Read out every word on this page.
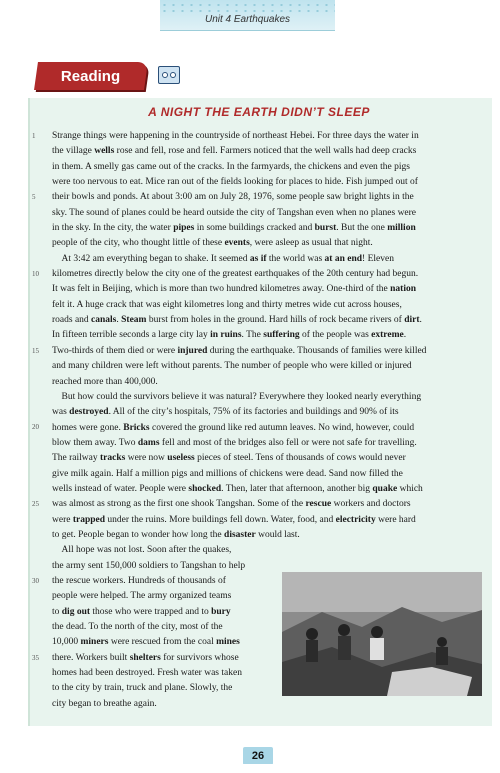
Unit 4 Earthquakes
Reading
A NIGHT THE EARTH DIDN’T SLEEP
1
5
10
15
20
25
30
35
Strange things were happening in the countryside of northeast Hebei. For three days the water in
the village wells rose and fell, rose and fell. Farmers noticed that the well walls had deep cracks
in them. A smelly gas came out of the cracks. In the farmyards, the chickens and even the pigs
were too nervous to eat. Mice ran out of the fields looking for places to hide. Fish jumped out of
their bowls and ponds. At about 3:00 am on July 28, 1976, some people saw bright lights in the
sky. The sound of planes could be heard outside the city of Tangshan even when no planes were
in the sky. In the city, the water pipes in some buildings cracked and burst. But the one million
people of the city, who thought little of these events, were asleep as usual that night.
At 3:42 am everything began to shake. It seemed as if the world was at an end! Eleven
kilometres directly below the city one of the greatest earthquakes of the 20th century had begun.
It was felt in Beijing, which is more than two hundred kilometres away. One-third of the nation
felt it. A huge crack that was eight kilometres long and thirty metres wide cut across houses,
roads and canals. Steam burst from holes in the ground. Hard hills of rock became rivers of dirt.
In fifteen terrible seconds a large city lay in ruins. The suffering of the people was extreme.
Two-thirds of them died or were injured during the earthquake. Thousands of families were killed
and many children were left without parents. The number of people who were killed or injured
reached more than 400,000.
But how could the survivors believe it was natural? Everywhere they looked nearly everything
was destroyed. All of the city’s hospitals, 75% of its factories and buildings and 90% of its
homes were gone. Bricks covered the ground like red autumn leaves. No wind, however, could
blow them away. Two dams fell and most of the bridges also fell or were not safe for travelling.
The railway tracks were now useless pieces of steel. Tens of thousands of cows would never
give milk again. Half a million pigs and millions of chickens were dead. Sand now filled the
wells instead of water. People were shocked. Then, later that afternoon, another big quake which
was almost as strong as the first one shook Tangshan. Some of the rescue workers and doctors
were trapped under the ruins. More buildings fell down. Water, food, and electricity were hard
to get. People began to wonder how long the disaster would last.
All hope was not lost. Soon after the quakes,
the army sent 150,000 soldiers to Tangshan to help
the rescue workers. Hundreds of thousands of
people were helped. The army organized teams
to dig out those who were trapped and to bury
the dead. To the north of the city, most of the
10,000 miners were rescued from the coal mines
there. Workers built shelters for survivors whose
homes had been destroyed. Fresh water was taken
to the city by train, truck and plane. Slowly, the
city began to breathe again.
26
